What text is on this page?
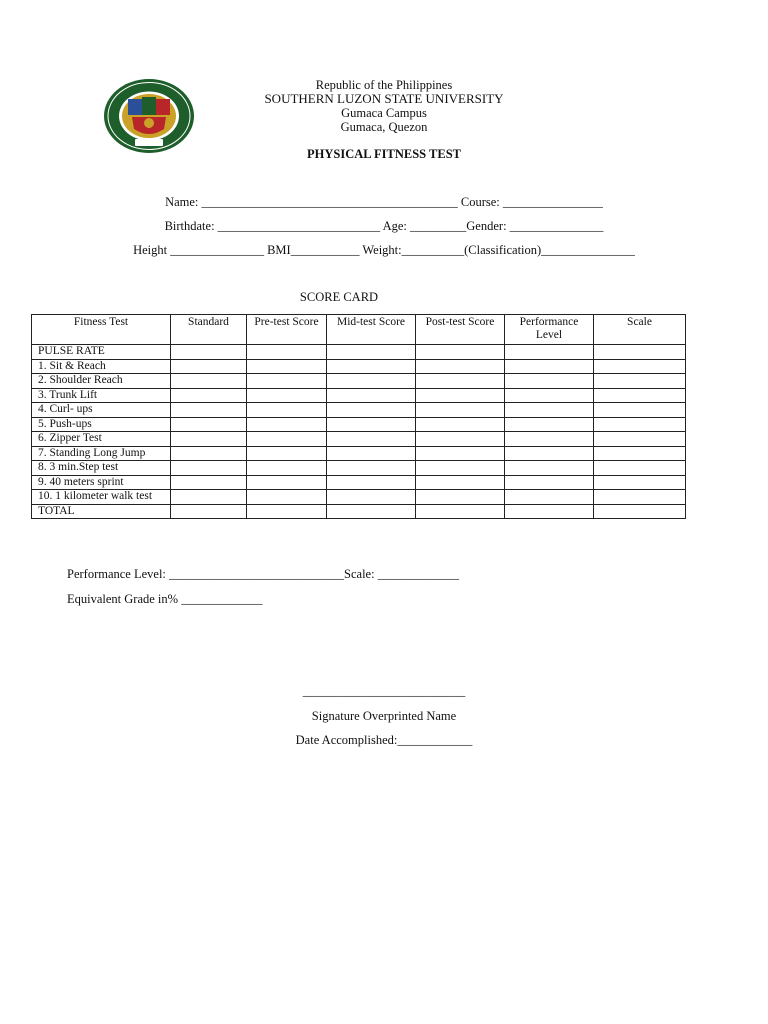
Republic of the Philippines
SOUTHERN LUZON STATE UNIVERSITY
Gumaca Campus
Gumaca, Quezon
PHYSICAL FITNESS TEST
Name: _________________________________________ Course: ________________
Birthdate: __________________________ Age: _________Gender: _______________
Height _______________ BMI___________ Weight:__________(Classification)_______________
SCORE CARD
Fitness Test	Standard	Pre-test Score	Mid-test Score	Post-test Score	Performance Level	Scale
PULSE RATE						
1. Sit & Reach						
2. Shoulder Reach						
3. Trunk Lift						
4. Curl- ups						
5. Push-ups						
6. Zipper Test						
7. Standing Long Jump						
8. 3 min.Step test						
9. 40 meters sprint						
10. 1 kilometer walk test						
TOTAL						
Performance Level: ____________________________Scale: _____________
Equivalent Grade in% _____________
__________________________
Signature Overprinted Name
Date Accomplished:____________
